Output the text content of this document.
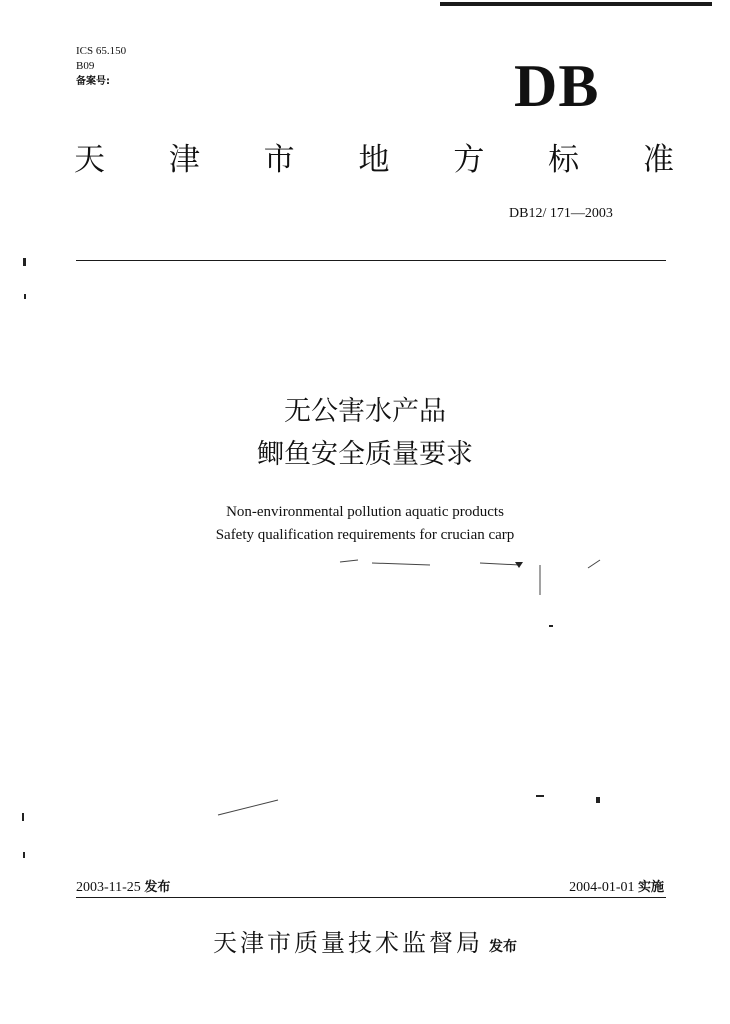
ICS 65.150
B09
备案号:	DB
天 津 市 地 方 标 准
DB12/ 171—2003
无公害水产品
鲫鱼安全质量要求
Non-environmental pollution aquatic products
Safety qualification requirements for crucian carp
2003-11-25 发布	2004-01-01 实施
天津市质量技术监督局 发布
